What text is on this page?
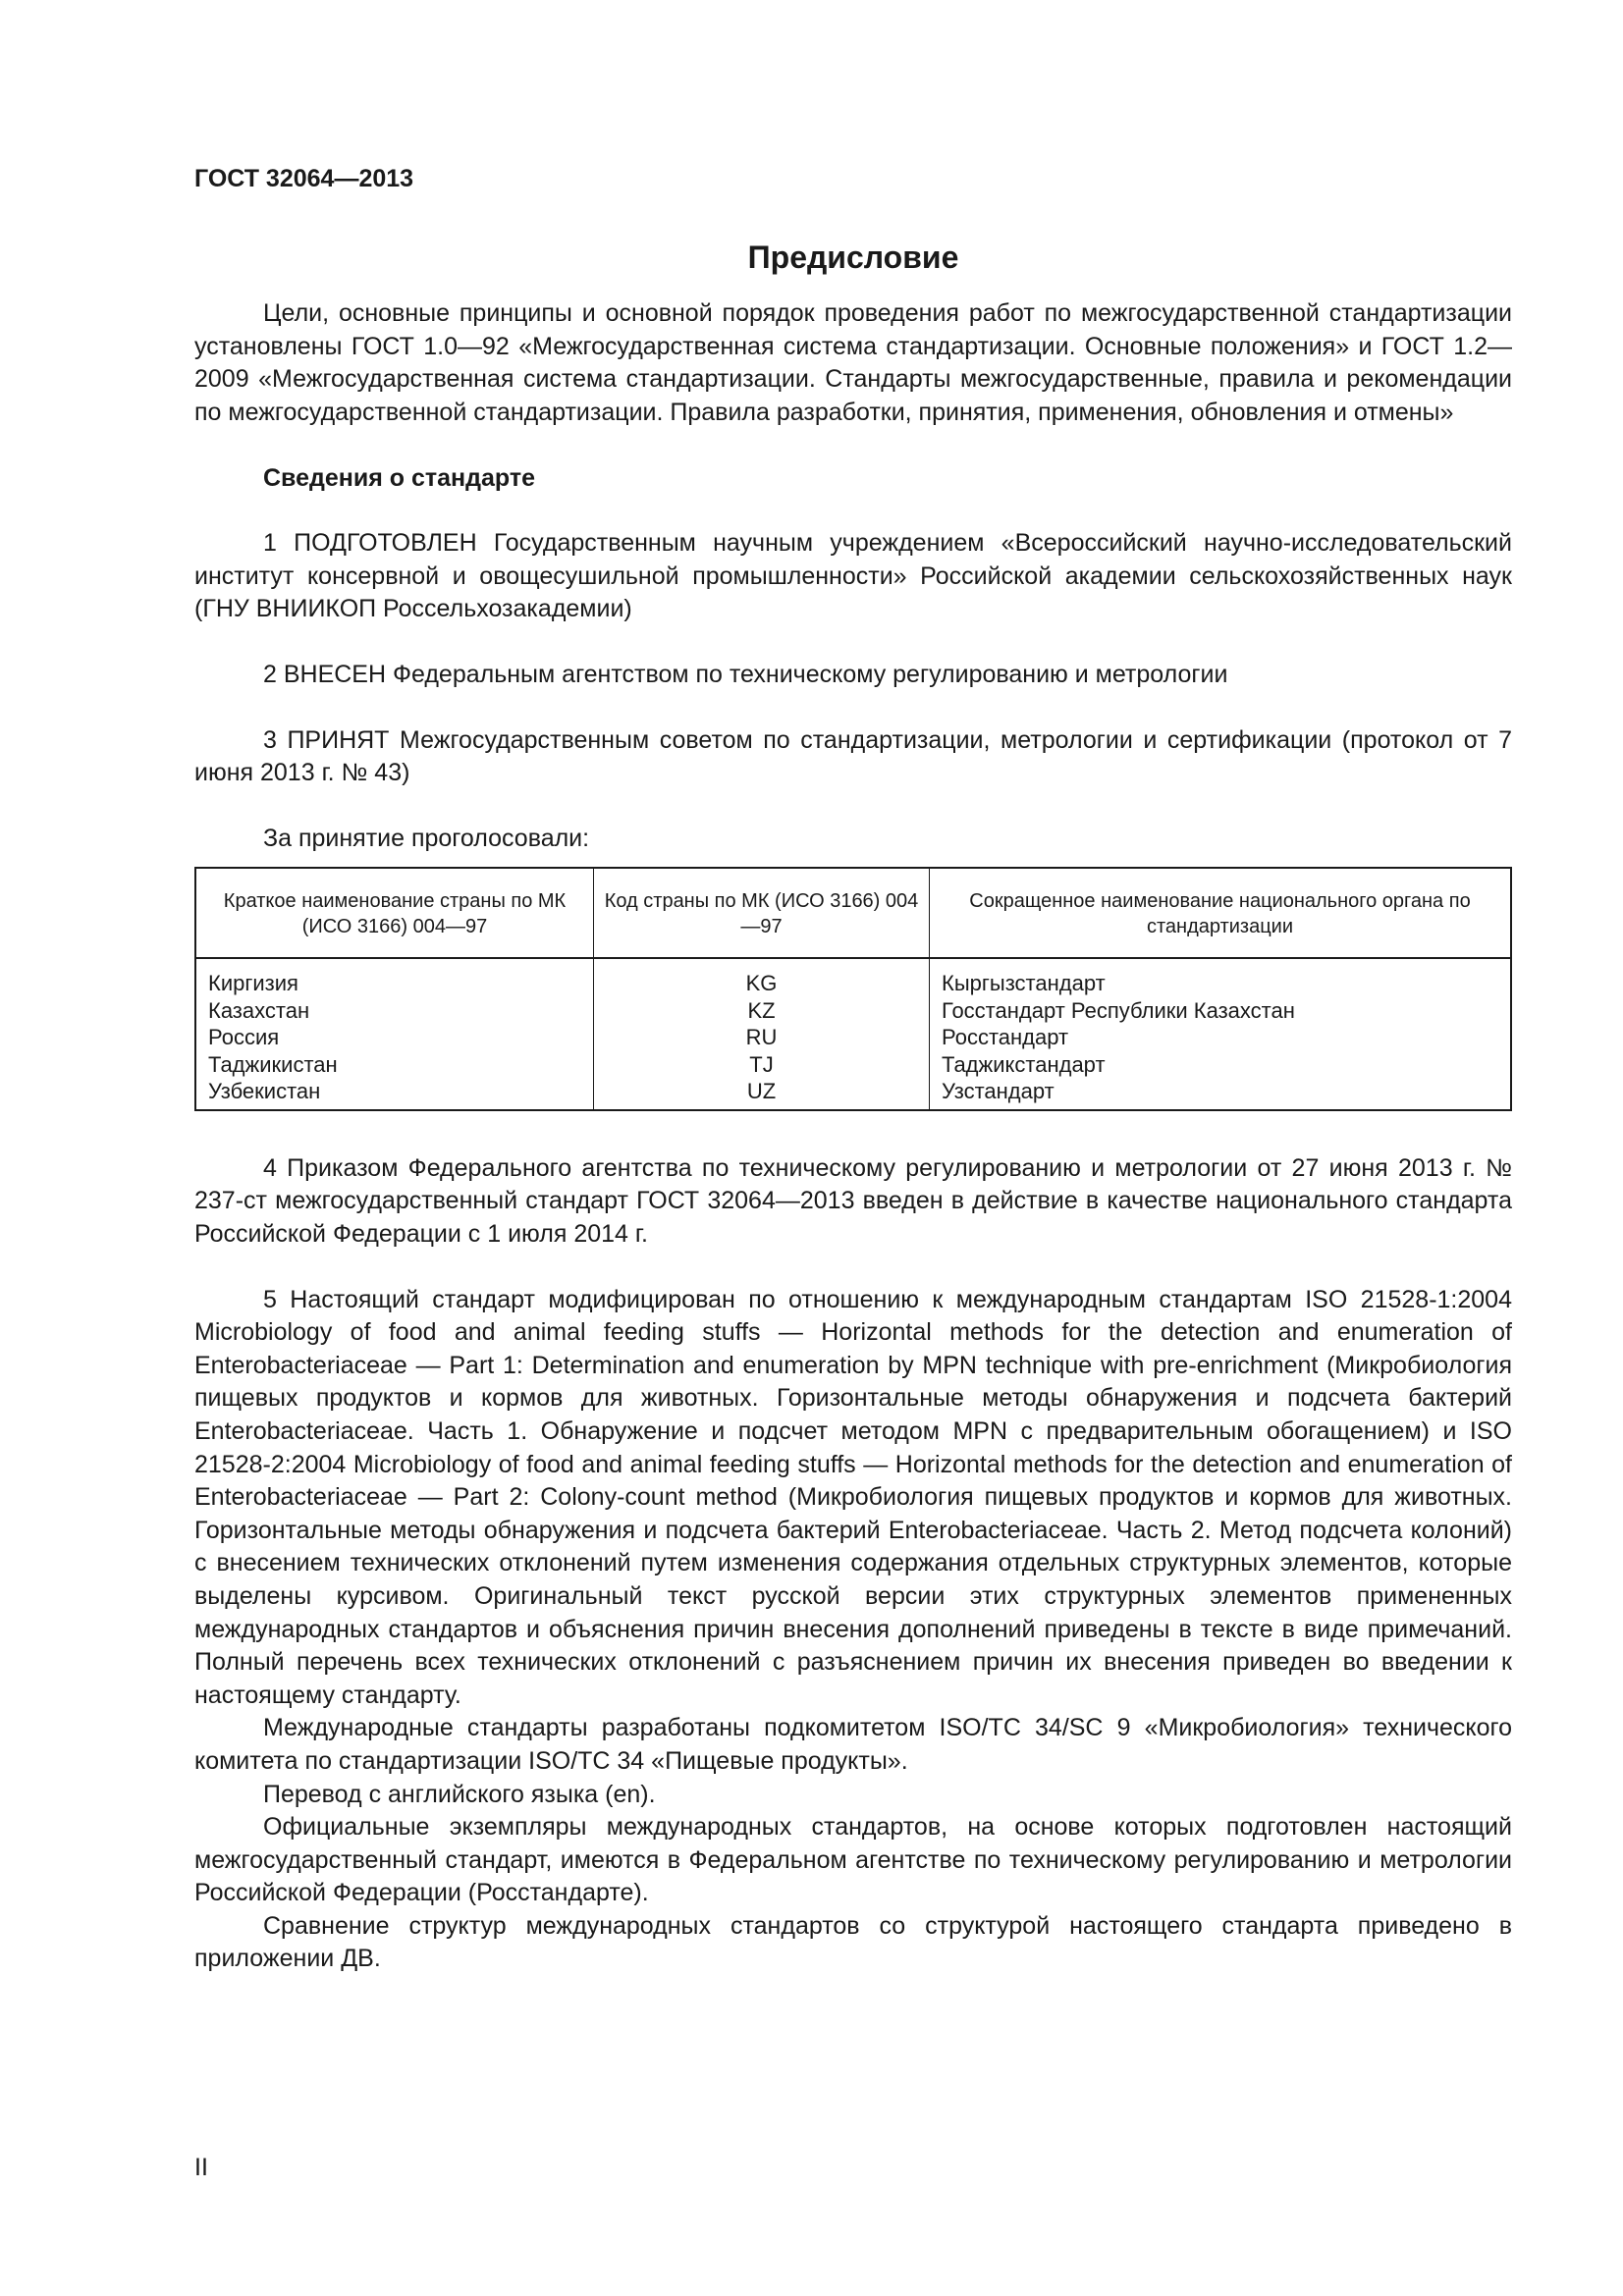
ГОСТ 32064—2013
Предисловие

Цели, основные принципы и основной порядок проведения работ по межгосударственной стандартизации установлены ГОСТ 1.0—92 «Межгосударственная система стандартизации. Основные положения» и ГОСТ 1.2—2009 «Межгосударственная система стандартизации. Стандарты межгосударственные, правила и рекомендации по межгосударственной стандартизации. Правила разработки, принятия, применения, обновления и отмены»

Сведения о стандарте

1 ПОДГОТОВЛЕН Государственным научным учреждением «Всероссийский научно-исследовательский институт консервной и овощесушильной промышленности» Российской академии сельскохозяйственных наук (ГНУ ВНИИКОП Россельхозакадемии)

2 ВНЕСЕН Федеральным агентством по техническому регулированию и метрологии

3 ПРИНЯТ Межгосударственным советом по стандартизации, метрологии и сертификации (протокол от 7 июня 2013 г. № 43)

За принятие проголосовали:
Краткое наименование страны по МК (ИСО 3166) 004—97	Код страны по МК (ИСО 3166) 004—97	Сокращенное наименование национального органа по стандартизации
Киргизия	KG	Кыргызстандарт
Казахстан	KZ	Госстандарт Республики Казахстан
Россия	RU	Росстандарт
Таджикистан	TJ	Таджикстандарт
Узбекистан	UZ	Узстандарт

4 Приказом Федерального агентства по техническому регулированию и метрологии от 27 июня 2013 г. № 237-ст межгосударственный стандарт ГОСТ 32064—2013 введен в действие в качестве национального стандарта Российской Федерации с 1 июля 2014 г.

5 Настоящий стандарт модифицирован по отношению к международным стандартам ISO 21528-1:2004 Microbiology of food and animal feeding stuffs — Horizontal methods for the detection and enumeration of Enterobacteriaceae — Part 1: Determination and enumeration by MPN technique with pre-enrichment (Микробиология пищевых продуктов и кормов для животных. Горизонтальные методы обнаружения и подсчета бактерий Enterobacteriaceae. Часть 1. Обнаружение и подсчет методом MPN с предварительным обогащением) и ISO 21528-2:2004 Microbiology of food and animal feeding stuffs — Horizontal methods for the detection and enumeration of Enterobacteriaceae — Part 2: Colony-count method (Микробиология пищевых продуктов и кормов для животных. Горизонтальные методы обнаружения и подсчета бактерий Enterobacteriaceae. Часть 2. Метод подсчета колоний) с внесением технических отклонений путем изменения содержания отдельных структурных элементов, которые выделены курсивом. Оригинальный текст русской версии этих структурных элементов примененных международных стандартов и объяснения причин внесения дополнений приведены в тексте в виде примечаний. Полный перечень всех технических отклонений с разъяснением причин их внесения приведен во введении к настоящему стандарту.

Международные стандарты разработаны подкомитетом ISO/TC 34/SC 9 «Микробиология» технического комитета по стандартизации ISO/TC 34 «Пищевые продукты».

Перевод с английского языка (en).

Официальные экземпляры международных стандартов, на основе которых подготовлен настоящий межгосударственный стандарт, имеются в Федеральном агентстве по техническому регулированию и метрологии Российской Федерации (Росстандарте).

Сравнение структур международных стандартов со структурой настоящего стандарта приведено в приложении ДВ.

II
